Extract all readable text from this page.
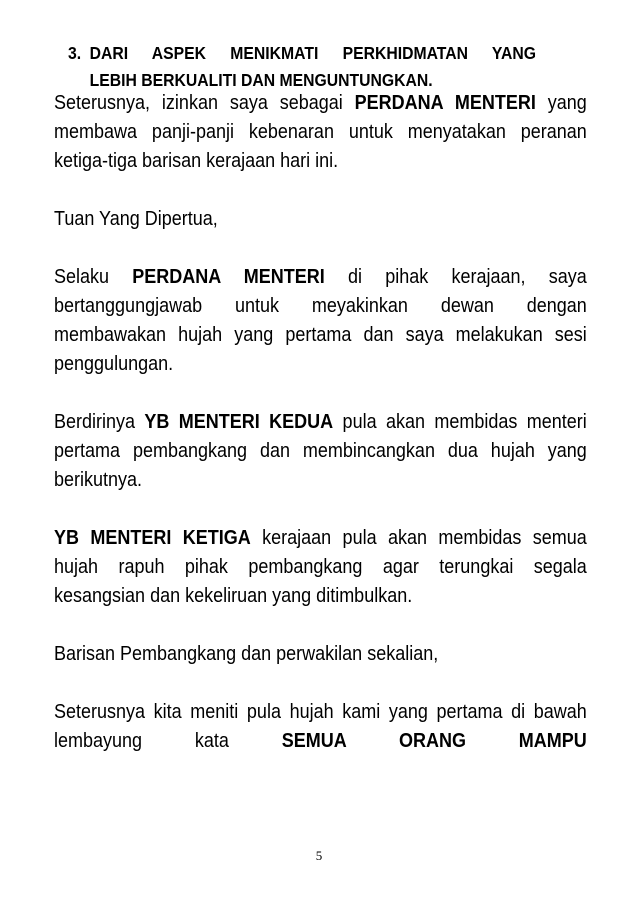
3. DARI ASPEK MENIKMATI PERKHIDMATAN YANG
LEBIH BERKUALITI DAN MENGUNTUNGKAN.

Seterusnya, izinkan saya sebagai PERDANA MENTERI yang membawa panji-panji kebenaran untuk menyatakan peranan ketiga-tiga barisan kerajaan hari ini.

Tuan Yang Dipertua,

Selaku PERDANA MENTERI di pihak kerajaan, saya bertanggungjawab untuk meyakinkan dewan dengan membawakan hujah yang pertama dan saya melakukan sesi penggulungan.

Berdirinya YB MENTERI KEDUA pula akan membidas menteri pertama pembangkang dan membincangkan dua hujah yang berikutnya.

YB MENTERI KETIGA kerajaan pula akan membidas semua hujah rapuh pihak pembangkang agar terungkai segala kesangsian dan kekeliruan yang ditimbulkan.

Barisan Pembangkang dan perwakilan sekalian,

Seterusnya kita meniti pula hujah kami yang pertama di bawah lembayung kata SEMUA ORANG MAMPU

5
